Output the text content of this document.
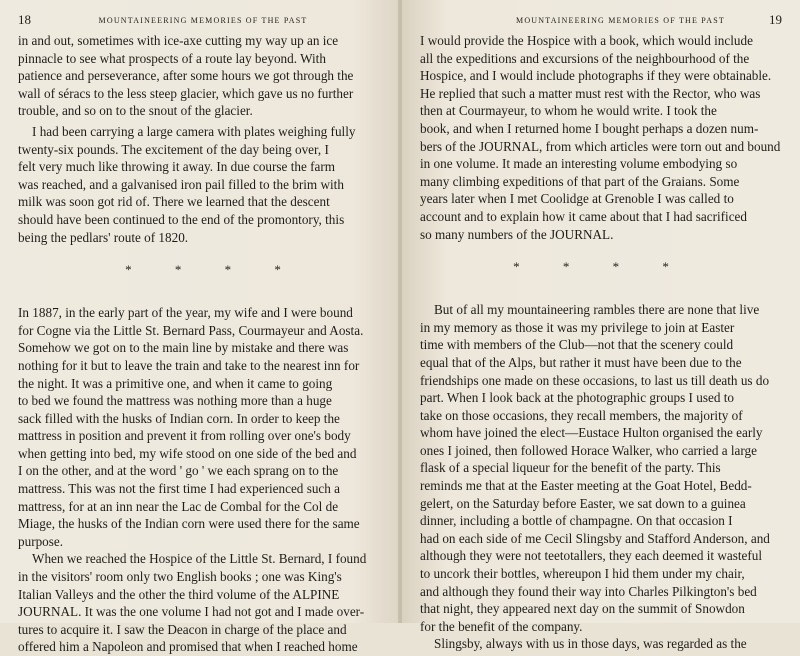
18	MOUNTAINEERING MEMORIES OF THE PAST

in and out, sometimes with ice-axe cutting my way up an ice
pinnacle to see what prospects of a route lay beyond. With
patience and perseverance, after some hours we got through the
wall of séracs to the less steep glacier, which gave us no further
trouble, and so on to the snout of the glacier.

I had been carrying a large camera with plates weighing fully
twenty-six pounds. The excitement of the day being over, I
felt very much like throwing it away. In due course the farm
was reached, and a galvanised iron pail filled to the brim with
milk was soon got rid of. There we learned that the descent
should have been continued to the end of the promontory, this
being the pedlars' route of 1820.

* * * *

In 1887, in the early part of the year, my wife and I were bound
for Cogne via the Little St. Bernard Pass, Courmayeur and Aosta.
Somehow we got on to the main line by mistake and there was
nothing for it but to leave the train and take to the nearest inn for
the night. It was a primitive one, and when it came to going
to bed we found the mattress was nothing more than a huge
sack filled with the husks of Indian corn. In order to keep the
mattress in position and prevent it from rolling over one's body
when getting into bed, my wife stood on one side of the bed and
I on the other, and at the word ' go ' we each sprang on to the
mattress. This was not the first time I had experienced such a
mattress, for at an inn near the Lac de Combal for the Col de
Miage, the husks of the Indian corn were used there for the same
purpose.

When we reached the Hospice of the Little St. Bernard, I found
in the visitors' room only two English books ; one was King's
Italian Valleys and the other the third volume of the ALPINE
JOURNAL. It was the one volume I had not got and I made over-
tures to acquire it. I saw the Deacon in charge of the place and
offered him a Napoleon and promised that when I reached home

MOUNTAINEERING MEMORIES OF THE PAST	19

I would provide the Hospice with a book, which would include
all the expeditions and excursions of the neighbourhood of the
Hospice, and I would include photographs if they were obtainable.
He replied that such a matter must rest with the Rector, who was
then at Courmayeur, to whom he would write. I took the
book, and when I returned home I bought perhaps a dozen num-
bers of the JOURNAL, from which articles were torn out and bound
in one volume. It made an interesting volume embodying so
many climbing expeditions of that part of the Graians. Some
years later when I met Coolidge at Grenoble I was called to
account and to explain how it came about that I had sacrificed
so many numbers of the JOURNAL.

* * * *

But of all my mountaineering rambles there are none that live
in my memory as those it was my privilege to join at Easter
time with members of the Club—not that the scenery could
equal that of the Alps, but rather it must have been due to the
friendships one made on these occasions, to last us till death us do
part. When I look back at the photographic groups I used to
take on those occasions, they recall members, the majority of
whom have joined the elect—Eustace Hulton organised the early
ones I joined, then followed Horace Walker, who carried a large
flask of a special liqueur for the benefit of the party. This
reminds me that at the Easter meeting at the Goat Hotel, Bedd-
gelert, on the Saturday before Easter, we sat down to a guinea
dinner, including a bottle of champagne. On that occasion I
had on each side of me Cecil Slingsby and Stafford Anderson, and
although they were not teetotallers, they each deemed it wasteful
to uncork their bottles, whereupon I hid them under my chair,
and although they found their way into Charles Pilkington's bed
that night, they appeared next day on the summit of Snowdon
for the benefit of the company.

Slingsby, always with us in those days, was regarded as the
